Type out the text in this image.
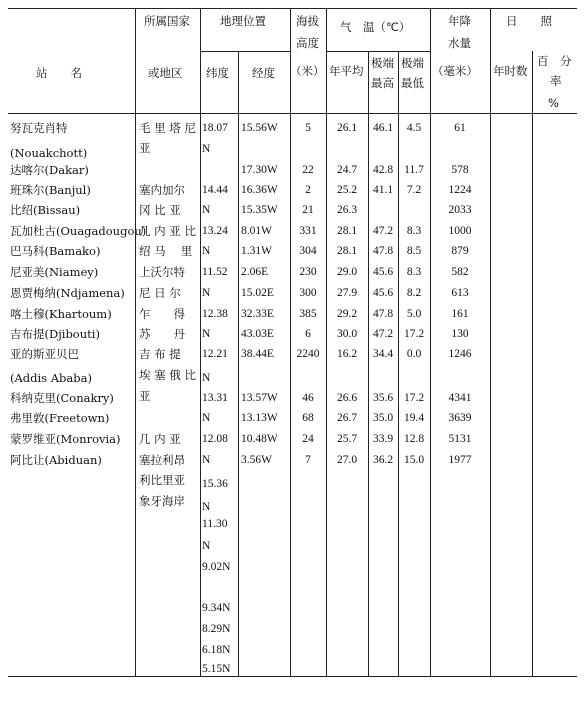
站　　名
所属国家
或地区
地理位置
纬度 经度
海拔
高度
（米）
气　温（℃）
年平均
极端
最高
极端
最低
年降
水量
（毫米）
日　　照
年时数
百　分
率
%
努瓦克肖特
(Nouakchott)
达喀尔(Dakar)
班珠尔(Banjul)
比绍(Bissau)
瓦加杜古(Ouagadougou)
巴马科(Bamako)
尼亚美(Niamey)
恩贾梅纳(Ndjamena)
喀土穆(Khartoum)
吉布提(Djibouti)
亚的斯亚贝巴
(Addis Ababa)
科纳克里(Conakry)
弗里敦(Freetown)
蒙罗维亚(Monrovia)
阿比让(Abiduan)
毛 里 塔 尼
亚
塞内加尔
冈 比 亚
几 内 亚 比
绍 马　 里
上沃尔特
尼 日 尔
乍　　得
苏　　丹
吉 布 提
埃 塞 俄 比
亚
几 内 亚
塞拉利昂
利比里亚
象牙海岸
18.07
N
14.44
N
13.24
N
11.52
N
12.38
N
12.21
N
13.31
N
12.08
N
15.36
N
11.30
N
9.02N
9.34N
8.29N
6.18N
5.15N
15.56W
17.30W
16.36W
15.35W
8.01W
1.31W
2.06E
15.02E
32.33E
43.03E
38.44E
13.57W
13.13W
10.48W
3.56W
5
22
2
21
331
304
230
300
385
6
2240
46
68
24
7
26.1
24.7
25.2
26.3
28.1
28.1
29.0
27.9
29.2
30.0
16.2
26.6
26.7
25.7
27.0
46.1
42.8
41.1
47.2
47.8
45.6
45.6
47.8
47.2
34.4
35.6
35.0
33.9
36.2
4.5
11.7
7.2
8.3
8.5
8.3
8.2
5.0
17.2
0.0
17.2
19.4
12.8
15.0
61
578
1224
2033
1000
879
582
613
161
130
1246
4341
3639
5131
1977
